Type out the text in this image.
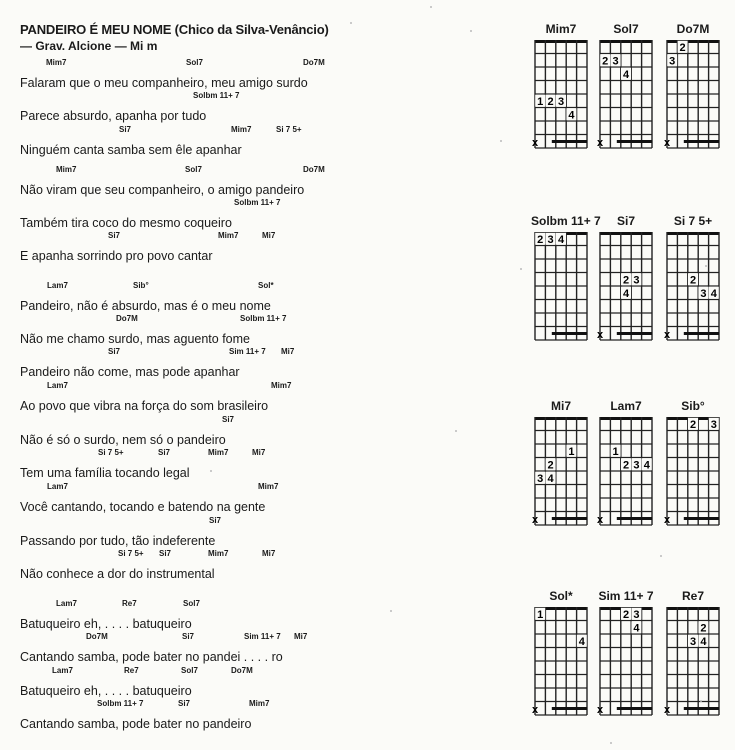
PANDEIRO É MEU NOME (Chico da Silva-Venâncio)
— Grav. Alcione — Mi m
Mim7	Sol7	Do7M
Falaram que o meu companheiro, meu amigo surdo
Solbm 11+ 7
Parece absurdo, apanha por tudo
Si7	Mim7	Si 7 5+
Ninguém canta samba sem êle apanhar
Mim7	Sol7	Do7M
Não viram que seu companheiro, o amigo pandeiro
Solbm 11+ 7
Também tira coco do mesmo coqueiro
Si7	Mim7	Mi7
E apanha sorrindo pro povo cantar
Lam7	Sib°	Sol*
Pandeiro, não é absurdo, mas é o meu nome
Do7M	Solbm 11+ 7
Não me chamo surdo, mas aguento fome
Si7	Sim 11+ 7 Mi7
Pandeiro não come, mas pode apanhar
Lam7	Mim7
Ao povo que vibra na força do som brasileiro
Si7
Não é só o surdo, nem só o pandeiro
Si 7 5+	Si7	Mim7	Mi7
Tem uma família tocando legal
Lam7	Mim7
Você cantando, tocando e batendo na gente
Si7
Passando por tudo, tão indeferente
Si 7 5+ Si7	Mim7	Mi7
Não conhece a dor do instrumental
Lam7	Re7	Sol7
Batuqueiro eh, . . . . batuqueiro
Do7M	Si7	Sim 11+ 7 Mi7
Cantando samba, pode bater no pandei . . . . ro
Lam7	Re7	Sol7	Do7M
Batuqueiro eh, . . . . batuqueiro
Solbm 11+ 7	Si7	Mim7
Cantando samba, pode bater no pandeiro
Mim7
1 2 3
4
x
Sol7
2 3
4
x
Do7M
2
3
x
Solbm 11+ 7
2 3 4
Si7
2 3
4
x
Si 7 5+
2
3 4
x
Mi7
1
2
3 4
x
Lam7
1
2 3 4
x
Sib°
2 3
x
Sol*
1
4
x
Sim 11+ 7
2 3
4
x
Re7
2
3 4
x
